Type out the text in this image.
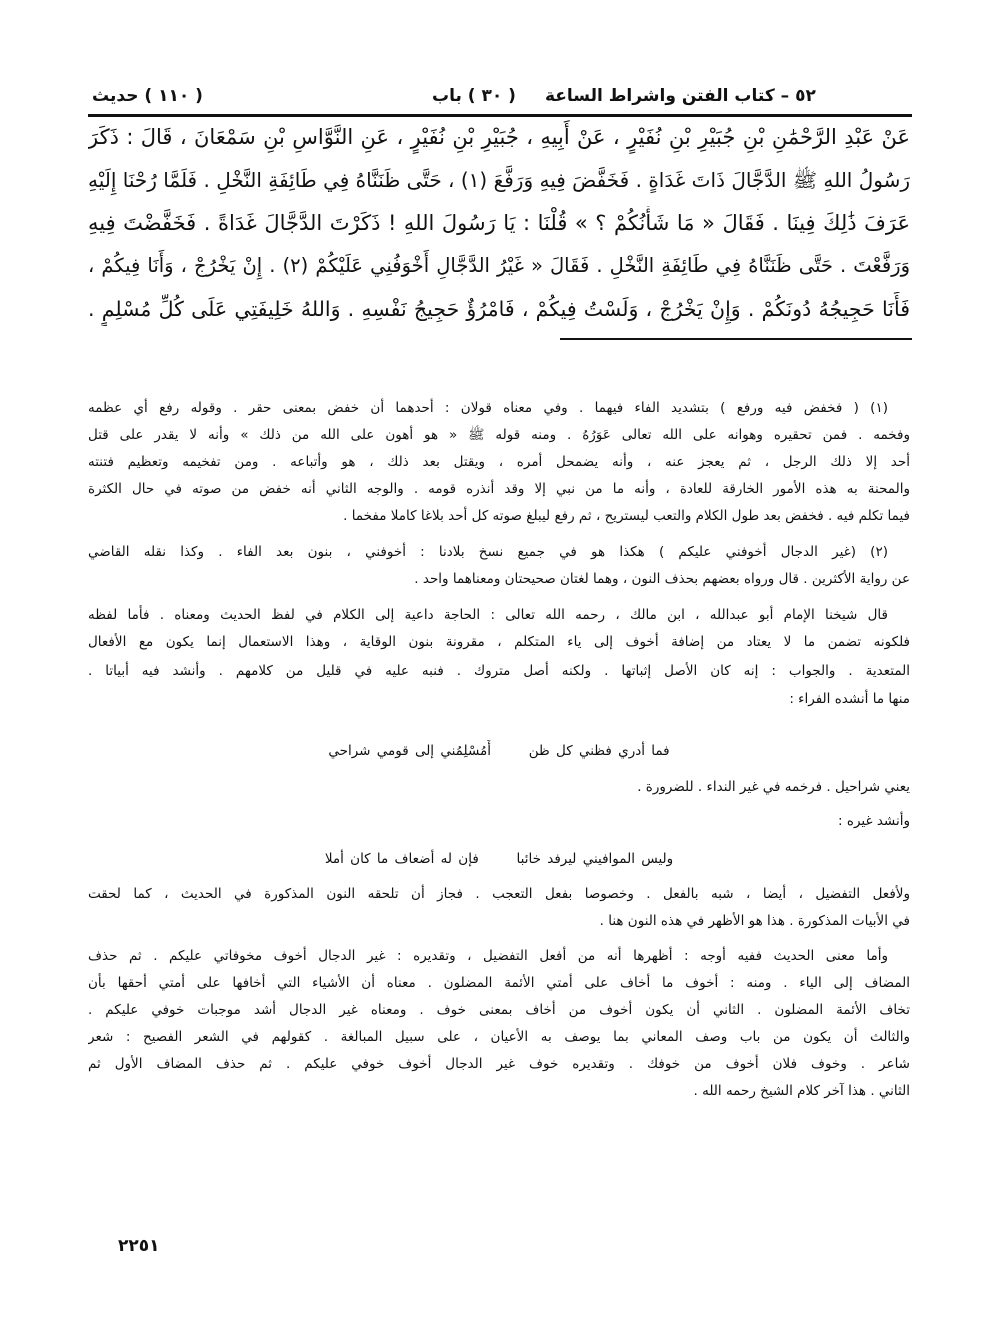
٥٢ – كتاب الفتن واشراط الساعة
( ٣٠ ) باب
( ١١٠ ) حديث
عَنْ عَبْدِ الرَّحْمَٰنِ بْنِ جُبَيْرِ بْنِ نُفَيْرٍ ، عَنْ أَبِيهِ ، جُبَيْرِ بْنِ نُفَيْرٍ ، عَنِ النَّوَّاسِ بْنِ سَمْعَانَ ، قَالَ : ذَكَرَ
رَسُولُ اللهِ ﷺ الدَّجَّالَ ذَاتَ غَدَاةٍ . فَخَفَّضَ فِيهِ وَرَفَّعَ (١) ، حَتَّى ظَنَنَّاهُ فِي طَائِفَةِ النَّخْلِ . فَلَمَّا رُحْنَا إِلَيْهِ
عَرَفَ ذَٰلِكَ فِينَا . فَقَالَ « مَا شَأْنُكُمْ ؟ » قُلْنَا : يَا رَسُولَ اللهِ ! ذَكَرْتَ الدَّجَّالَ غَدَاةً . فَخَفَّضْتَ فِيهِ
وَرَفَّعْتَ . حَتَّى ظَنَنَّاهُ فِي طَائِفَةِ النَّخْلِ . فَقَالَ « غَيْرُ الدَّجَّالِ أَخْوَفُنِي عَلَيْكُمْ (٢) . إِنْ يَخْرُجْ ، وَأَنَا فِيكُمْ ،
فَأَنَا حَجِيجُهُ دُونَكُمْ . وَإِنْ يَخْرُجْ ، وَلَسْتُ فِيكُمْ ، فَامْرُؤٌ حَجِيجُ نَفْسِهِ . وَاللهُ خَلِيفَتِي عَلَى كُلِّ مُسْلِمٍ .
(١) ( فخفض فيه ورفع ) بتشديد الفاء فيهما . وفي معناه قولان : أحدهما أن خفض بمعنى حقر . وقوله رفع أي عظمه
وفخمه . فمن تحقيره وهوانه على الله تعالى عَوَرُهُ . ومنه قوله ﷺ « هو أهون على الله من ذلك » وأنه لا يقدر على قتل
أحد إلا ذلك الرجل ، ثم يعجز عنه ، وأنه يضمحل أمره ، ويقتل بعد ذلك ، هو وأتباعه . ومن تفخيمه وتعظيم فتنته
والمحنة به هذه الأمور الخارقة للعادة ، وأنه ما من نبي إلا وقد أنذره قومه . والوجه الثاني أنه خفض من صوته في حال الكثرة
فيما تكلم فيه . فخفض بعد طول الكلام والتعب ليستريح ، ثم رفع ليبلغ صوته كل أحد بلاغا كاملا مفخما .
(٢) (غير الدجال أخوفني عليكم ) هكذا هو في جميع نسخ بلادنا : أخوفني ، بنون بعد الفاء . وكذا نقله القاضي
عن رواية الأكثرين . قال ورواه بعضهم بحذف النون ، وهما لغتان صحيحتان ومعناهما واحد .
قال شيخنا الإمام أبو عبدالله ، ابن مالك ، رحمه الله تعالى : الحاجة داعية إلى الكلام في لفظ الحديث ومعناه . فأما لفظه
فلكونه تضمن ما لا يعتاد من إضافة أخوف إلى ياء المتكلم ، مقرونة بنون الوقاية ، وهذا الاستعمال إنما يكون مع الأفعال
المتعدية . والجواب : إنه كان الأصل إثباتها . ولكنه أصل متروك . فنبه عليه في قليل من كلامهم . وأنشد فيه أبياتا .
منها ما أنشده الفراء :
فما أدري فظني كل ظن      أَمُسْلِمُني إلى قومي شراحي
يعني شراحيل . فرخمه في غير النداء . للضرورة .
وأنشد غيره :
وليس الموافيني ليرفد خائبا      فإن له أضعاف ما كان أملا
ولأفعل التفضيل ، أيضا ، شبه بالفعل . وخصوصا بفعل التعجب . فجاز أن تلحقه النون المذكورة في الحديث ، كما لحقت
في الأبيات المذكورة . هذا هو الأظهر في هذه النون هنا .
وأما معنى الحديث ففيه أوجه : أظهرها أنه من أفعل التفضيل ، وتقديره : غير الدجال أخوف مخوفاتي عليكم . ثم حذف
المضاف إلى الياء . ومنه : أخوف ما أخاف على أمتي الأئمة المضلون . معناه أن الأشياء التي أخافها على أمتي أحقها بأن
تخاف الأئمة المضلون . الثاني أن يكون أخوف من أخاف بمعنى خوف . ومعناه غير الدجال أشد موجبات خوفي عليكم .
والثالث أن يكون من باب وصف المعاني بما يوصف به الأعيان ، على سبيل المبالغة . كقولهم في الشعر الفصيح : شعر
شاعر . وخوف فلان أخوف من خوفك . وتقديره خوف غير الدجال أخوف خوفي عليكم . ثم حذف المضاف الأول ثم
الثاني . هذا آخر كلام الشيخ رحمه الله .
٢٢٥١
